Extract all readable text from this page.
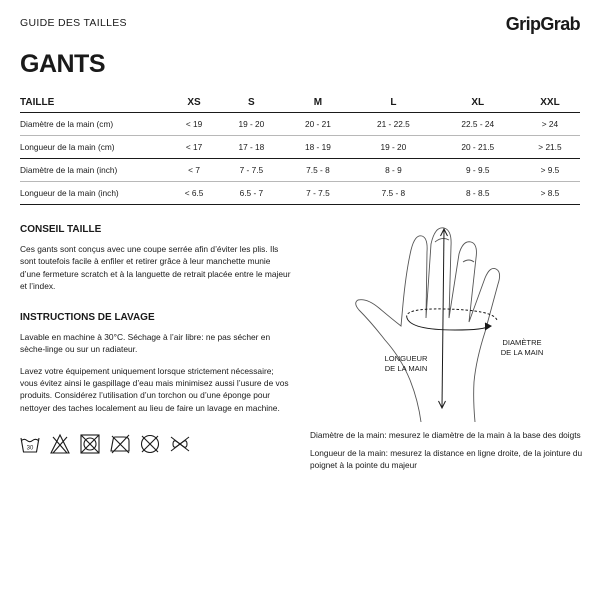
GUIDE DES TAILLES	GripGrab
GANTS
TAILLE	XS	S	M	L	XL	XXL
Diamètre de la main (cm)	< 19	19 - 20	20 - 21	21 - 22.5	22.5 - 24	> 24
Longueur de la main (cm)	< 17	17 - 18	18 - 19	19 - 20	20 - 21.5	> 21.5
Diamètre de la main (inch)	< 7	7 - 7.5	7.5 - 8	8 - 9	9 - 9.5	> 9.5
Longueur de la main (inch)	< 6.5	6.5 - 7	7 - 7.5	7.5 - 8	8 - 8.5	> 8.5
CONSEIL TAILLE

Ces gants sont conçus avec une coupe serrée afin d’éviter les plis. Ils sont toutefois facile à enfiler et retirer grâce à leur manchette munie d’une fermeture scratch et à la languette de retrait placée entre le majeur et l’index.

INSTRUCTIONS DE LAVAGE

Lavable en machine à 30°C. Séchage à l’air libre: ne pas sécher en sèche-linge ou sur un radiateur.

Lavez votre équipement uniquement lorsque strictement nécessaire; vous évitez ainsi le gaspillage d’eau mais minimisez aussi l’usure de vos produits. Considérez l’utilisation d’un torchon ou d’une éponge pour nettoyer des taches localement au lieu de faire un lavage en machine.

30
LONGUEUR
DE LA MAIN
DIAMÈTRE
DE LA MAIN

Diamètre de la main: mesurez le diamètre de la main à la base des doigts

Longueur de la main: mesurez la distance en ligne droite, de la jointure du poignet à la pointe du majeur
